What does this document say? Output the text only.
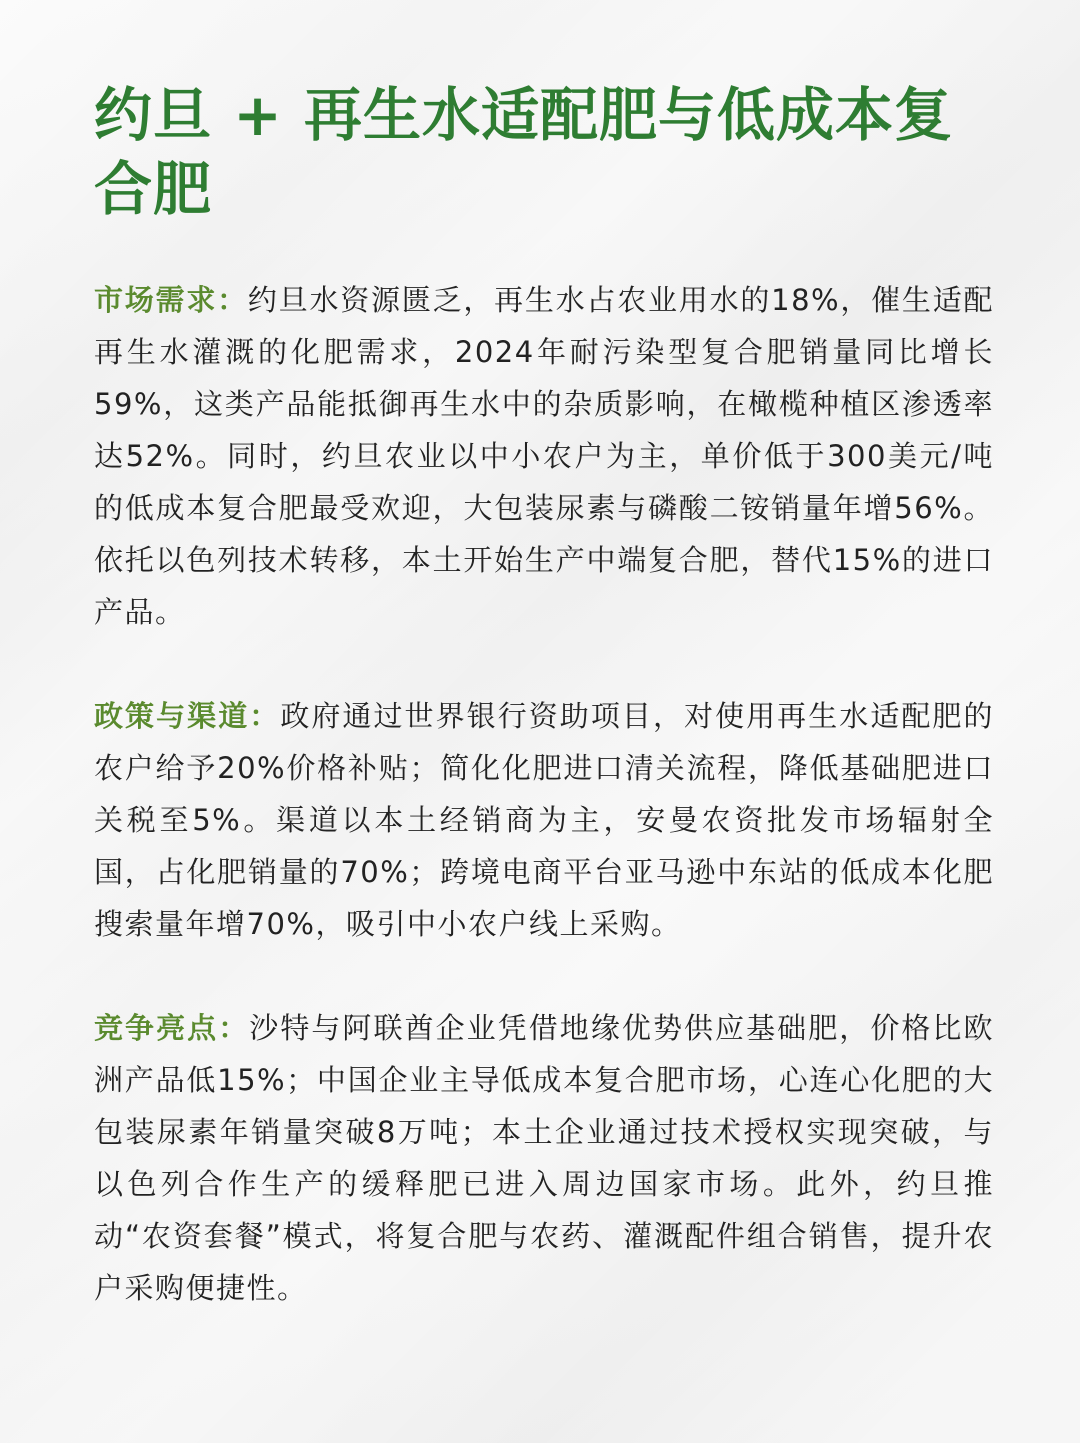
约旦 + 再生水适配肥与低成本复合肥

市场需求：约旦水资源匮乏，再生水占农业用水的18%，催生适配再生水灌溉的化肥需求，2024年耐污染型复合肥销量同比增长59%，这类产品能抵御再生水中的杂质影响，在橄榄种植区渗透率达52%。同时，约旦农业以中小农户为主，单价低于300美元/吨的低成本复合肥最受欢迎，大包装尿素与磷酸二铵销量年增56%。依托以色列技术转移，本土开始生产中端复合肥，替代15%的进口产品。

政策与渠道：政府通过世界银行资助项目，对使用再生水适配肥的农户给予20%价格补贴；简化化肥进口清关流程，降低基础肥进口关税至5%。渠道以本土经销商为主，安曼农资批发市场辐射全国，占化肥销量的70%；跨境电商平台亚马逊中东站的低成本化肥搜索量年增70%，吸引中小农户线上采购。

竞争亮点：沙特与阿联酋企业凭借地缘优势供应基础肥，价格比欧洲产品低15%；中国企业主导低成本复合肥市场，心连心化肥的大包装尿素年销量突破8万吨；本土企业通过技术授权实现突破，与以色列合作生产的缓释肥已进入周边国家市场。此外，约旦推动“农资套餐”模式，将复合肥与农药、灌溉配件组合销售，提升农户采购便捷性。
